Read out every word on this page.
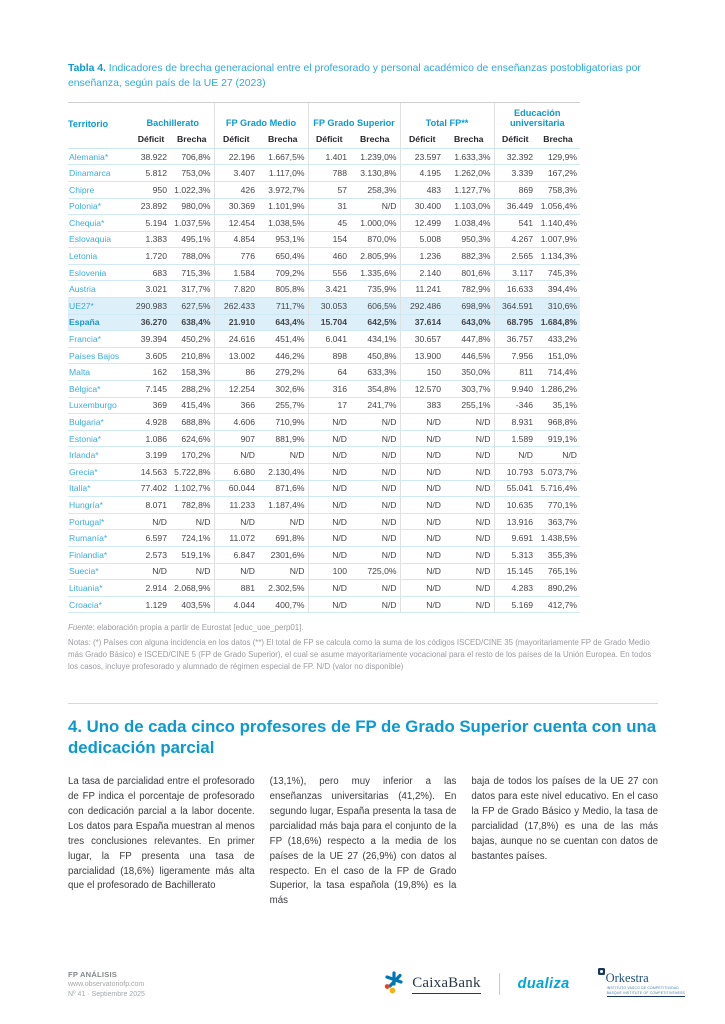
Tabla 4. Indicadores de brecha generacional entre el profesorado y personal académico de enseñanzas postobligatorias por enseñanza, según país de la UE 27 (2023)

Territorio	Bachillerato		FP Grado Medio		FP Grado Superior		Total FP**		Educación universitaria	
	Déficit	Brecha	Déficit	Brecha	Déficit	Brecha	Déficit	Brecha	Déficit	Brecha
Alemania*	38.922	706,8%	22.196	1.667,5%	1.401	1.239,0%	23.597	1.633,3%	32.392	129,9%
Dinamarca	5.812	753,0%	3.407	1.117,0%	788	3.130,8%	4.195	1.262,0%	3.339	167,2%
Chipre	950	1.022,3%	426	3.972,7%	57	258,3%	483	1.127,7%	869	758,3%
Polonia*	23.892	980,0%	30.369	1.101,9%	31	N/D	30.400	1.103,0%	36.449	1.056,4%
Chequia*	5.194	1.037,5%	12.454	1.038,5%	45	1.000,0%	12.499	1.038,4%	541	1.140,4%
Eslovaquia	1.383	495,1%	4.854	953,1%	154	870,0%	5.008	950,3%	4.267	1.007,9%
Letonia	1.720	788,0%	776	650,4%	460	2.805,9%	1.236	882,3%	2.565	1.134,3%
Eslovenia	683	715,3%	1.584	709,2%	556	1.335,6%	2.140	801,6%	3.117	745,3%
Austria	3.021	317,7%	7.820	805,8%	3.421	735,9%	11.241	782,9%	16.633	394,4%
UE27*	290.983	627,5%	262.433	711,7%	30.053	606,5%	292.486	698,9%	364.591	310,6%
España	36.270	638,4%	21.910	643,4%	15.704	642,5%	37.614	643,0%	68.795	1.684,8%
Francia*	39.394	450,2%	24.616	451,4%	6.041	434,1%	30.657	447,8%	36.757	433,2%
Países Bajos	3.605	210,8%	13.002	446,2%	898	450,8%	13.900	446,5%	7.956	151,0%
Malta	162	158,3%	86	279,2%	64	633,3%	150	350,0%	811	714,4%
Bélgica*	7.145	288,2%	12.254	302,6%	316	354,8%	12.570	303,7%	9.940	1.286,2%
Luxemburgo	369	415,4%	366	255,7%	17	241,7%	383	255,1%	-346	35,1%
Bulgaria*	4.928	688,8%	4.606	710,9%	N/D	N/D	N/D	N/D	8.931	968,8%
Estonia*	1.086	624,6%	907	881,9%	N/D	N/D	N/D	N/D	1.589	919,1%
Irlanda*	3.199	170,2%	N/D	N/D	N/D	N/D	N/D	N/D	N/D	N/D
Grecia*	14.563	5.722,8%	6.680	2.130,4%	N/D	N/D	N/D	N/D	10.793	5.073,7%
Italia*	77.402	1.102,7%	60.044	871,6%	N/D	N/D	N/D	N/D	55.041	5.716,4%
Hungría*	8.071	782,8%	11.233	1.187,4%	N/D	N/D	N/D	N/D	10.635	770,1%
Portugal*	N/D	N/D	N/D	N/D	N/D	N/D	N/D	N/D	13.916	363,7%
Rumanía*	6.597	724,1%	11.072	691,8%	N/D	N/D	N/D	N/D	9.691	1.438,5%
Finlandia*	2.573	519,1%	6.847	2301,6%	N/D	N/D	N/D	N/D	5.313	355,3%
Suecia*	N/D	N/D	N/D	N/D	100	725,0%	N/D	N/D	15.145	765,1%
Lituania*	2.914	2.068,9%	881	2.302,5%	N/D	N/D	N/D	N/D	4.283	890,2%
Croacia*	1.129	403,5%	4.044	400,7%	N/D	N/D	N/D	N/D	5.169	412,7%

Fuente: elaboración propia a partir de Eurostat [educ_uoe_perp01].

Notas: (*) Países con alguna incidencia en los datos (**) El total de FP se calcula como la suma de los códigos ISCED/CINE 35 (mayoritariamente FP de Grado Medio más Grado Básico) e ISCED/CINE 5 (FP de Grado Superior), el cual se asume mayoritariamente vocacional para el resto de los países de la Unión Europea. En todos los casos, incluye profesorado y alumnado de régimen especial de FP. N/D (valor no disponible)

4. Uno de cada cinco profesores de FP de Grado Superior cuenta con una dedicación parcial

La tasa de parcialidad entre el profesorado de FP indica el porcentaje de profesorado con dedicación parcial a la labor docente. Los datos para España muestran al menos tres conclusiones relevantes. En primer lugar, la FP presenta una tasa de parcialidad (18,6%) ligeramente más alta que el profesorado de Bachillerato

(13,1%), pero muy inferior a las enseñanzas universitarias (41,2%). En segundo lugar, España presenta la tasa de parcialidad más baja para el conjunto de la FP (18,6%) respecto a la media de los países de la UE 27 (26,9%) con datos al respecto. En el caso de la FP de Grado Superior, la tasa española (19,8%) es la más

baja de todos los países de la UE 27 con datos para este nivel educativo. En el caso la FP de Grado Básico y Medio, la tasa de parcialidad (17,8%) es una de las más bajas, aunque no se cuentan con datos de bastantes países.

FP ANÁLISIS
www.observatoriofp.com
Nº 41 · Septiembre 2025
CaixaBank	dualiza	Orkestra
INSTITUTO VASCO DE COMPETITIVIDAD
BASQUE INSTITUTE OF COMPETITIVENESS
